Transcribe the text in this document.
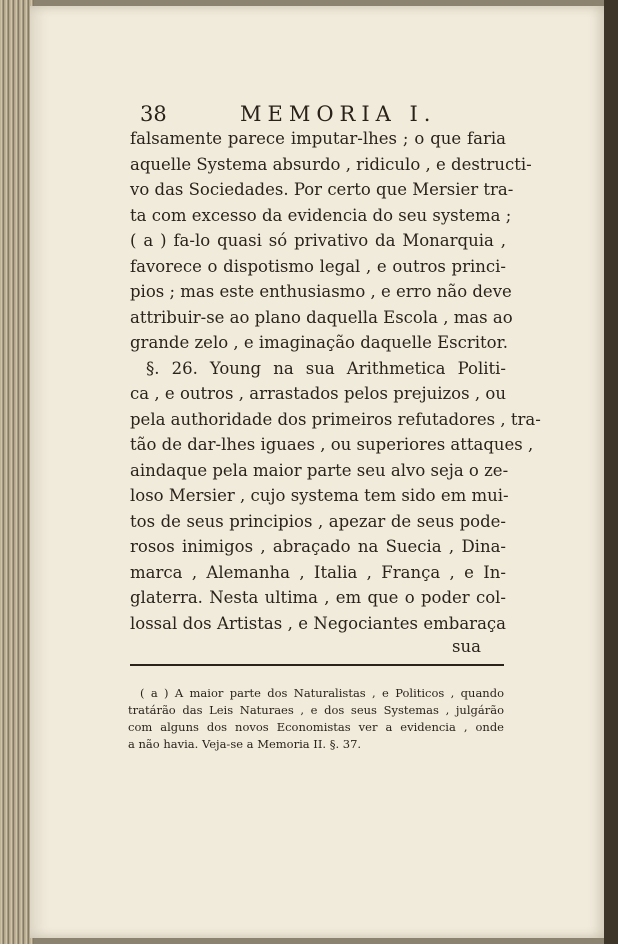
38	MEMORIA I.
falsamente parece imputar-lhes ; o que faria
aquelle Systema absurdo , ridiculo , e destructi-
vo das Sociedades. Por certo que Mersier tra-
ta com excesso da evidencia do seu systema ;
( a ) fa-lo quasi só privativo da Monarquia ,
favorece o dispotismo legal , e outros princi-
pios ; mas este enthusiasmo , e erro não deve
attribuir-se ao plano daquella Escola , mas ao
grande zelo , e imaginação daquelle Escritor.
§. 26. Young na sua Arithmetica Politi-
ca , e outros , arrastados pelos prejuizos , ou
pela authoridade dos primeiros refutadores , tra-
tão de dar-lhes iguaes , ou superiores attaques ,
aindaque pela maior parte seu alvo seja o ze-
loso Mersier , cujo systema tem sido em mui-
tos de seus principios , apezar de seus pode-
rosos inimigos , abraçado na Suecia , Dina-
marca , Alemanha , Italia , França , e In-
glaterra. Nesta ultima , em que o poder col-
lossal dos Artistas , e Negociantes embaraça
sua
( a ) A maior parte dos Naturalistas , e Politicos , quando
tratárão das Leis Naturaes , e dos seus Systemas , julgárão
com alguns dos novos Economistas ver a evidencia , onde
a não havia. Veja-se a Memoria II. §. 37.
